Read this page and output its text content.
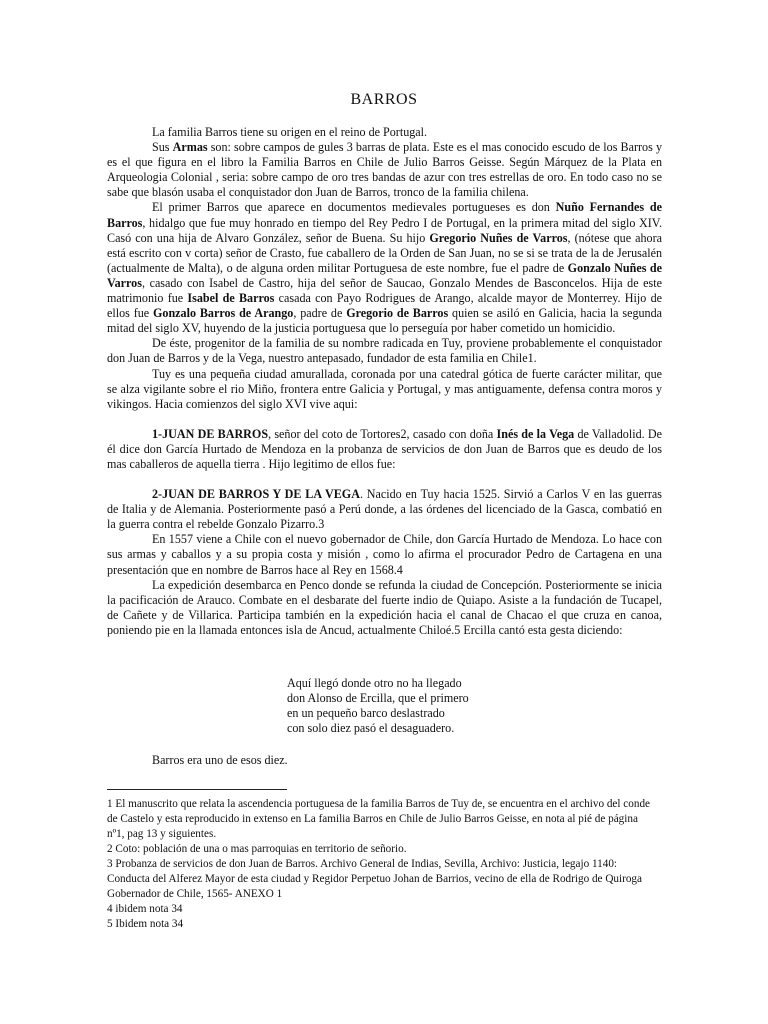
BARROS

La familia Barros tiene su origen en el reino de Portugal.

Sus Armas son: sobre campos de gules 3 barras de plata. Este es el mas conocido escudo de los Barros y es el que figura en el libro la Familia Barros en Chile de Julio Barros Geisse. Según Márquez de la Plata en Arqueologia Colonial , seria: sobre campo de oro tres bandas de azur con tres estrellas de oro. En todo caso no se sabe que blasón usaba el conquistador don Juan de Barros, tronco de la familia chilena.

El primer Barros que aparece en documentos medievales portugueses es don Nuño Fernandes de Barros, hidalgo que fue muy honrado en tiempo del Rey Pedro I de Portugal, en la primera mitad del siglo XIV. Casó con una hija de Alvaro González, señor de Buena. Su hijo Gregorio Nuñes de Varros, (nótese que ahora está escrito con v corta) señor de Crasto, fue caballero de la Orden de San Juan, no se si se trata de la de Jerusalén (actualmente de Malta), o de alguna orden militar Portuguesa de este nombre, fue el padre de Gonzalo Nuñes de Varros, casado con Isabel de Castro, hija del señor de Saucao, Gonzalo Mendes de Basconcelos. Hija de este matrimonio fue Isabel de Barros casada con Payo Rodrigues de Arango, alcalde mayor de Monterrey. Hijo de ellos fue Gonzalo Barros de Arango, padre de Gregorio de Barros quien se asiló en Galicia, hacia la segunda mitad del siglo XV, huyendo de la justicia portuguesa que lo perseguía por haber cometido un homicidio.

De éste, progenitor de la familia de su nombre radicada en Tuy, proviene probablemente el conquistador don Juan de Barros y de la Vega, nuestro antepasado, fundador de esta familia en Chile1.

Tuy es una pequeña ciudad amurallada, coronada por una catedral gótica de fuerte carácter militar, que se alza vigilante sobre el rio Miño, frontera entre Galicia y Portugal, y mas antiguamente, defensa contra moros y vikingos. Hacia comienzos del siglo XVI vive aqui:

1-JUAN DE BARROS, señor del coto de Tortores2, casado con doña Inés de la Vega de Valladolid. De él dice don García Hurtado de Mendoza en la probanza de servicios de don Juan de Barros que es deudo de los mas caballeros de aquella tierra . Hijo legitimo de ellos fue:

2-JUAN DE BARROS Y DE LA VEGA. Nacido en Tuy hacia 1525. Sirvió a Carlos V en las guerras de Italia y de Alemania. Posteriormente pasó a Perú donde, a las órdenes del licenciado de la Gasca, combatió en la guerra contra el rebelde Gonzalo Pizarro.3

En 1557 viene a Chile con el nuevo gobernador de Chile, don García Hurtado de Mendoza. Lo hace con sus armas y caballos y a su propia costa y misión , como lo afirma el procurador Pedro de Cartagena en una presentación que en nombre de Barros hace al Rey en 1568.4

La expedición desembarca en Penco donde se refunda la ciudad de Concepción. Posteriormente se inicia la pacificación de Arauco. Combate en el desbarate del fuerte indio de Quiapo. Asiste a la fundación de Tucapel, de Cañete y de Villarica. Participa también en la expedición hacia el canal de Chacao el que cruza en canoa, poniendo pie en la llamada entonces isla de Ancud, actualmente Chiloé.5 Ercilla cantó esta gesta diciendo:

Aquí llegó donde otro no ha llegado
don Alonso de Ercilla, que el primero
en un pequeño barco deslastrado
con solo diez pasó el desaguadero.
Barros era uno de esos diez.
1 El manuscrito que relata la ascendencia portuguesa de la familia Barros de Tuy de, se encuentra en el archivo del conde de Castelo y esta reproducido in extenso en La familia Barros en Chile de Julio Barros Geisse, en nota al pié de página nº1, pag 13 y siguientes.
2 Coto: población de una o mas parroquias en territorio de señorio.
3 Probanza de servicios de don Juan de Barros. Archivo General de Indias, Sevilla, Archivo: Justicia, legajo 1140: Conducta del Alferez Mayor de esta ciudad y Regidor Perpetuo Johan de Barrios, vecino de ella de Rodrigo de Quiroga Gobernador de Chile, 1565- ANEXO 1
4 ibidem nota 34
5 Ibidem nota 34
